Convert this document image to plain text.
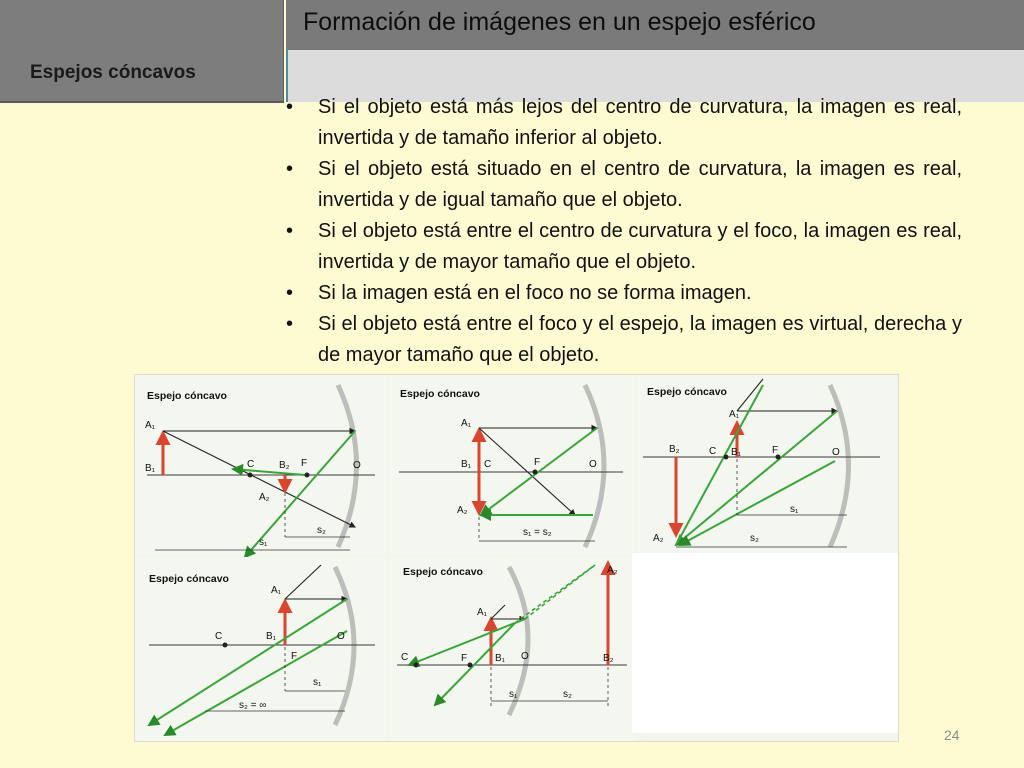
Espejos cóncavos
Formación de imágenes en un espejo esférico
• Si el objeto está más lejos del centro de curvatura, la imagen es real, invertida y de tamaño inferior al objeto.
• Si el objeto está situado en el centro de curvatura, la imagen es real, invertida y de igual tamaño que el objeto.
• Si el objeto está entre el centro de curvatura y el foco, la imagen es real, invertida y de mayor tamaño que el objeto.
• Si la imagen está en el foco no se forma imagen.
• Si el objeto está entre el foco y el espejo, la imagen es virtual, derecha y de mayor tamaño que el objeto.
Espejo cóncavo
A₁
B₁	C B₂ F	O
A₂
s₂
s₁
Espejo cóncavo
A₁
B₁ C	F	O
A₂
s₁ = s₂
Espejo cóncavo
A₁
B₂	C B₁	F	O
A₂
s₁
s₂
Espejo cóncavo
A₁
C	B₁
F
O
s₁
s₂ = ∞
Espejo cóncavo
A₁
A₂
C	F	B₁ O	B₂
s₁	s₂
24
